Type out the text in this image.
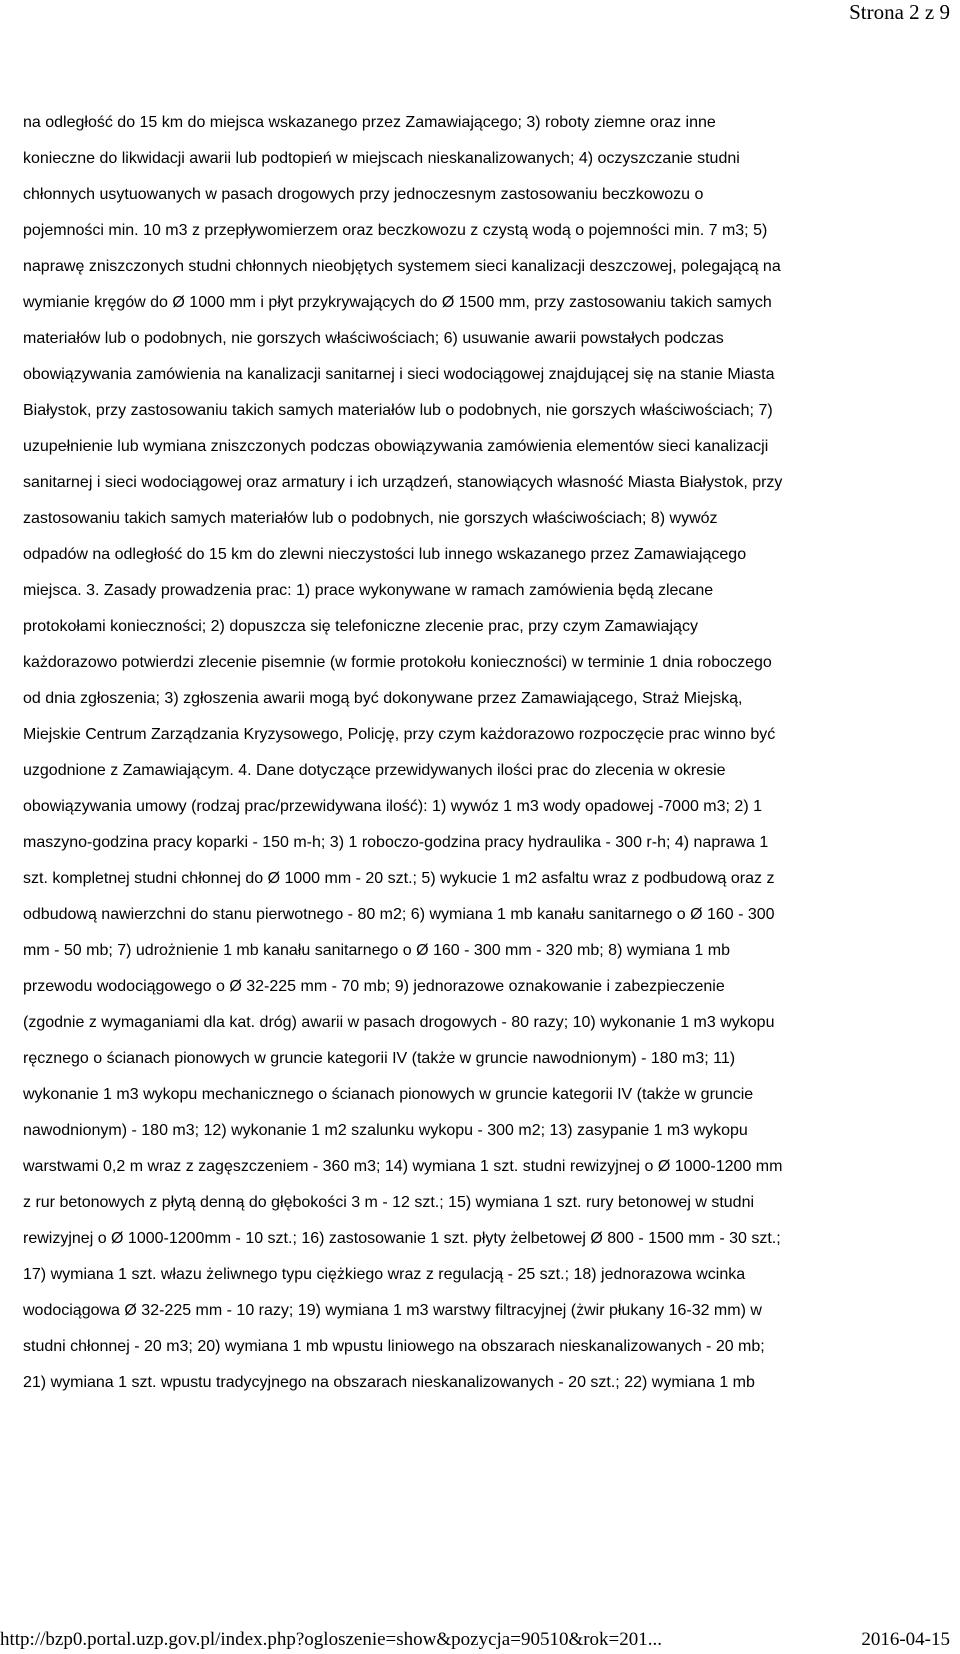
Strona 2 z 9
na odległość do 15 km do miejsca wskazanego przez Zamawiającego; 3) roboty ziemne oraz inne
konieczne do likwidacji awarii lub podtopień w miejscach nieskanalizowanych; 4) oczyszczanie studni
chłonnych usytuowanych w pasach drogowych przy jednoczesnym zastosowaniu beczkowozu o
pojemności min. 10 m3 z przepływomierzem oraz beczkowozu z czystą wodą o pojemności min. 7 m3; 5)
naprawę zniszczonych studni chłonnych nieobjętych systemem sieci kanalizacji deszczowej, polegającą na
wymianie kręgów do Ø 1000 mm i płyt przykrywających do Ø 1500 mm, przy zastosowaniu takich samych
materiałów lub o podobnych, nie gorszych właściwościach; 6) usuwanie awarii powstałych podczas
obowiązywania zamówienia na kanalizacji sanitarnej i sieci wodociągowej znajdującej się na stanie Miasta
Białystok, przy zastosowaniu takich samych materiałów lub o podobnych, nie gorszych właściwościach; 7)
uzupełnienie lub wymiana zniszczonych podczas obowiązywania zamówienia elementów sieci kanalizacji
sanitarnej i sieci wodociągowej oraz armatury i ich urządzeń, stanowiących własność Miasta Białystok, przy
zastosowaniu takich samych materiałów lub o podobnych, nie gorszych właściwościach; 8) wywóz
odpadów na odległość do 15 km do zlewni nieczystości lub innego wskazanego przez Zamawiającego
miejsca. 3. Zasady prowadzenia prac: 1) prace wykonywane w ramach zamówienia będą zlecane
protokołami konieczności; 2) dopuszcza się telefoniczne zlecenie prac, przy czym Zamawiający
każdorazowo potwierdzi zlecenie pisemnie (w formie protokołu konieczności) w terminie 1 dnia roboczego
od dnia zgłoszenia; 3) zgłoszenia awarii mogą być dokonywane przez Zamawiającego, Straż Miejską,
Miejskie Centrum Zarządzania Kryzysowego, Policję, przy czym każdorazowo rozpoczęcie prac winno być
uzgodnione z Zamawiającym. 4. Dane dotyczące przewidywanych ilości prac do zlecenia w okresie
obowiązywania umowy (rodzaj prac/przewidywana ilość): 1) wywóz 1 m3 wody opadowej -7000 m3; 2) 1
maszyno-godzina pracy koparki - 150 m-h; 3) 1 roboczo-godzina pracy hydraulika - 300 r-h; 4) naprawa 1
szt. kompletnej studni chłonnej do Ø 1000 mm - 20 szt.; 5) wykucie 1 m2 asfaltu wraz z podbudową oraz z
odbudową nawierzchni do stanu pierwotnego - 80 m2; 6) wymiana 1 mb kanału sanitarnego o Ø 160 - 300
mm - 50 mb; 7) udrożnienie 1 mb kanału sanitarnego o Ø 160 - 300 mm - 320 mb; 8) wymiana 1 mb
przewodu wodociągowego o Ø 32-225 mm - 70 mb; 9) jednorazowe oznakowanie i zabezpieczenie
(zgodnie z wymaganiami dla kat. dróg) awarii w pasach drogowych - 80 razy; 10) wykonanie 1 m3 wykopu
ręcznego o ścianach pionowych w gruncie kategorii IV (także w gruncie nawodnionym) - 180 m3; 11)
wykonanie 1 m3 wykopu mechanicznego o ścianach pionowych w gruncie kategorii IV (także w gruncie
nawodnionym) - 180 m3; 12) wykonanie 1 m2 szalunku wykopu - 300 m2; 13) zasypanie 1 m3 wykopu
warstwami 0,2 m wraz z zagęszczeniem - 360 m3; 14) wymiana 1 szt. studni rewizyjnej o Ø 1000-1200 mm
z rur betonowych z płytą denną do głębokości 3 m - 12 szt.; 15) wymiana 1 szt. rury betonowej w studni
rewizyjnej o Ø 1000-1200mm - 10 szt.; 16) zastosowanie 1 szt. płyty żelbetowej Ø 800 - 1500 mm - 30 szt.;
17) wymiana 1 szt. włazu żeliwnego typu ciężkiego wraz z regulacją - 25 szt.; 18) jednorazowa wcinka
wodociągowa Ø 32-225 mm - 10 razy; 19) wymiana 1 m3 warstwy filtracyjnej (żwir płukany 16-32 mm) w
studni chłonnej - 20 m3; 20) wymiana 1 mb wpustu liniowego na obszarach nieskanalizowanych - 20 mb;
21) wymiana 1 szt. wpustu tradycyjnego na obszarach nieskanalizowanych - 20 szt.; 22) wymiana 1 mb
http://bzp0.portal.uzp.gov.pl/index.php?ogloszenie=show&pozycja=90510&rok=201...	2016-04-15
